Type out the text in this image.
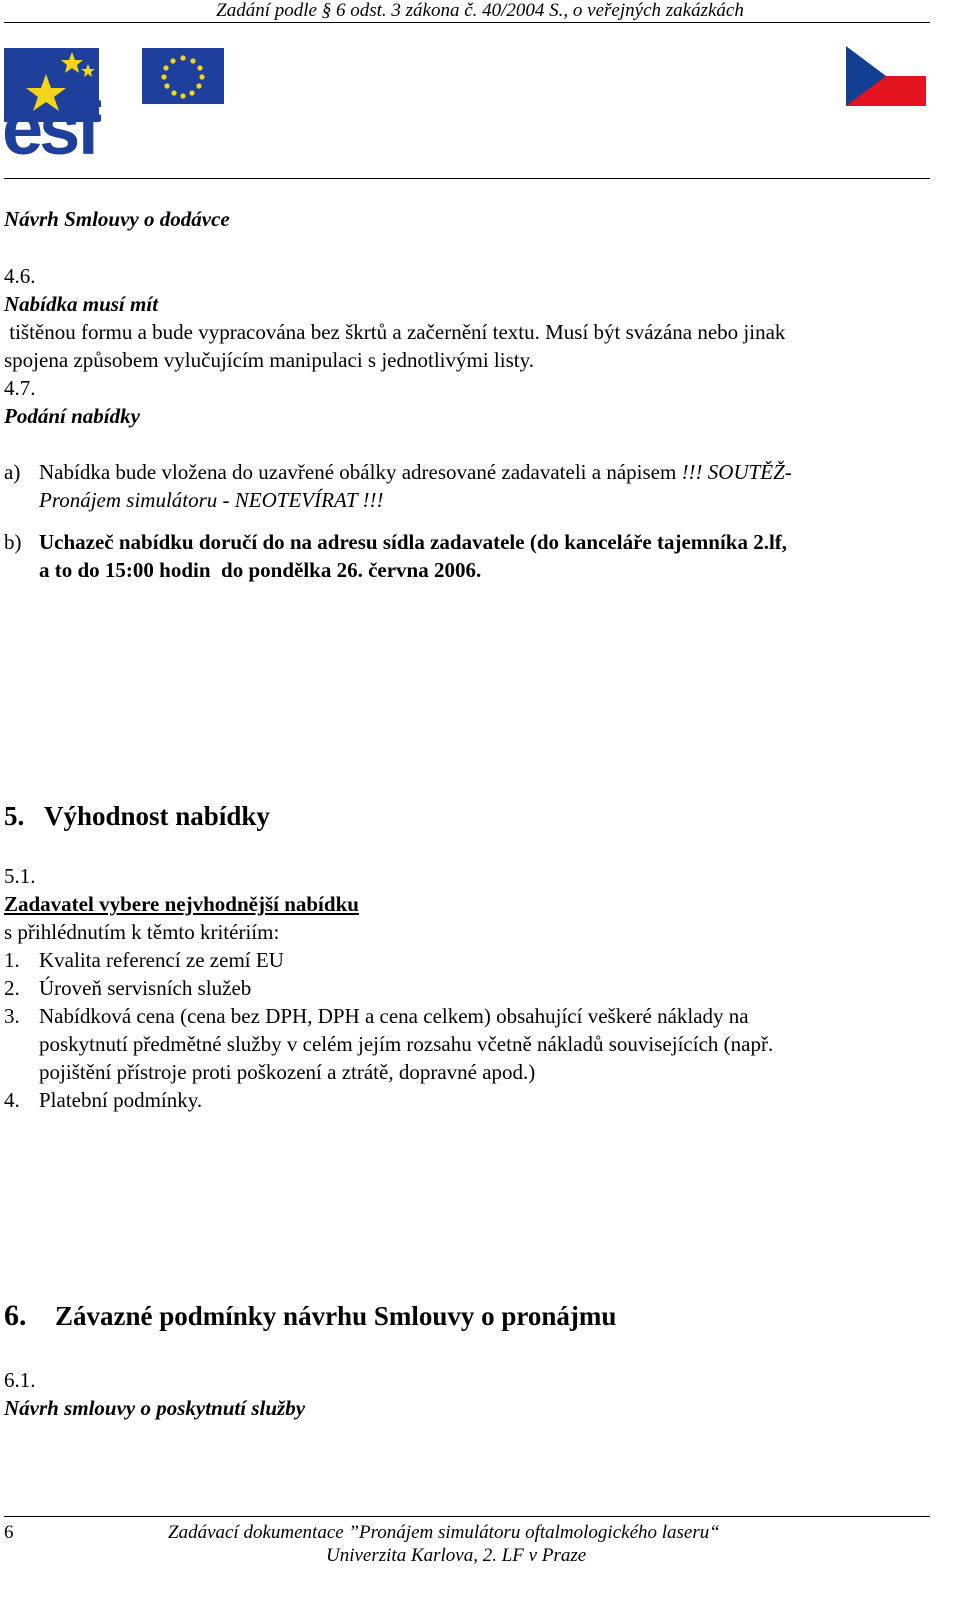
Zadání podle § 6 odst. 3 zákona č. 40/2004 S., o veřejných zakázkách
esf
Návrh Smlouvy o dodávce
4.6.
Nabídka musí mít
tištěnou formu a bude vypracována bez škrtů a začernění textu. Musí být svázána nebo jinak
spojena způsobem vylučujícím manipulaci s jednotlivými listy.
4.7.
Podání nabídky
a) Nabídka bude vložena do uzavřené obálky adresované zadavateli a nápisem !!! SOUTĚŽ-
Pronájem simulátoru - NEOTEVÍRAT !!!
b) Uchazeč nabídku doručí do na adresu sídla zadavatele (do kanceláře tajemníka 2.lf,
a to do 15:00 hodin  do pondělka 26. června 2006.
5. Výhodnost nabídky
5.1.
Zadavatel vybere nejvhodnější nabídku
s přihlédnutím k těmto kritériím:
1. Kvalita referencí ze zemí EU
2. Úroveň servisních služeb
3. Nabídková cena (cena bez DPH, DPH a cena celkem) obsahující veškeré náklady na
poskytnutí předmětné služby v celém jejím rozsahu včetně nákladů souvisejících (např.
pojištění přístroje proti poškození a ztrátě, dopravné apod.)
4. Platební podmínky.
6. Závazné podmínky návrhu Smlouvy o pronájmu
6.1.
Návrh smlouvy o poskytnutí služby
6	Zadávací dokumentace ”Pronájem simulátoru oftalmologického laseru“
Univerzita Karlova, 2. LF v Praze
